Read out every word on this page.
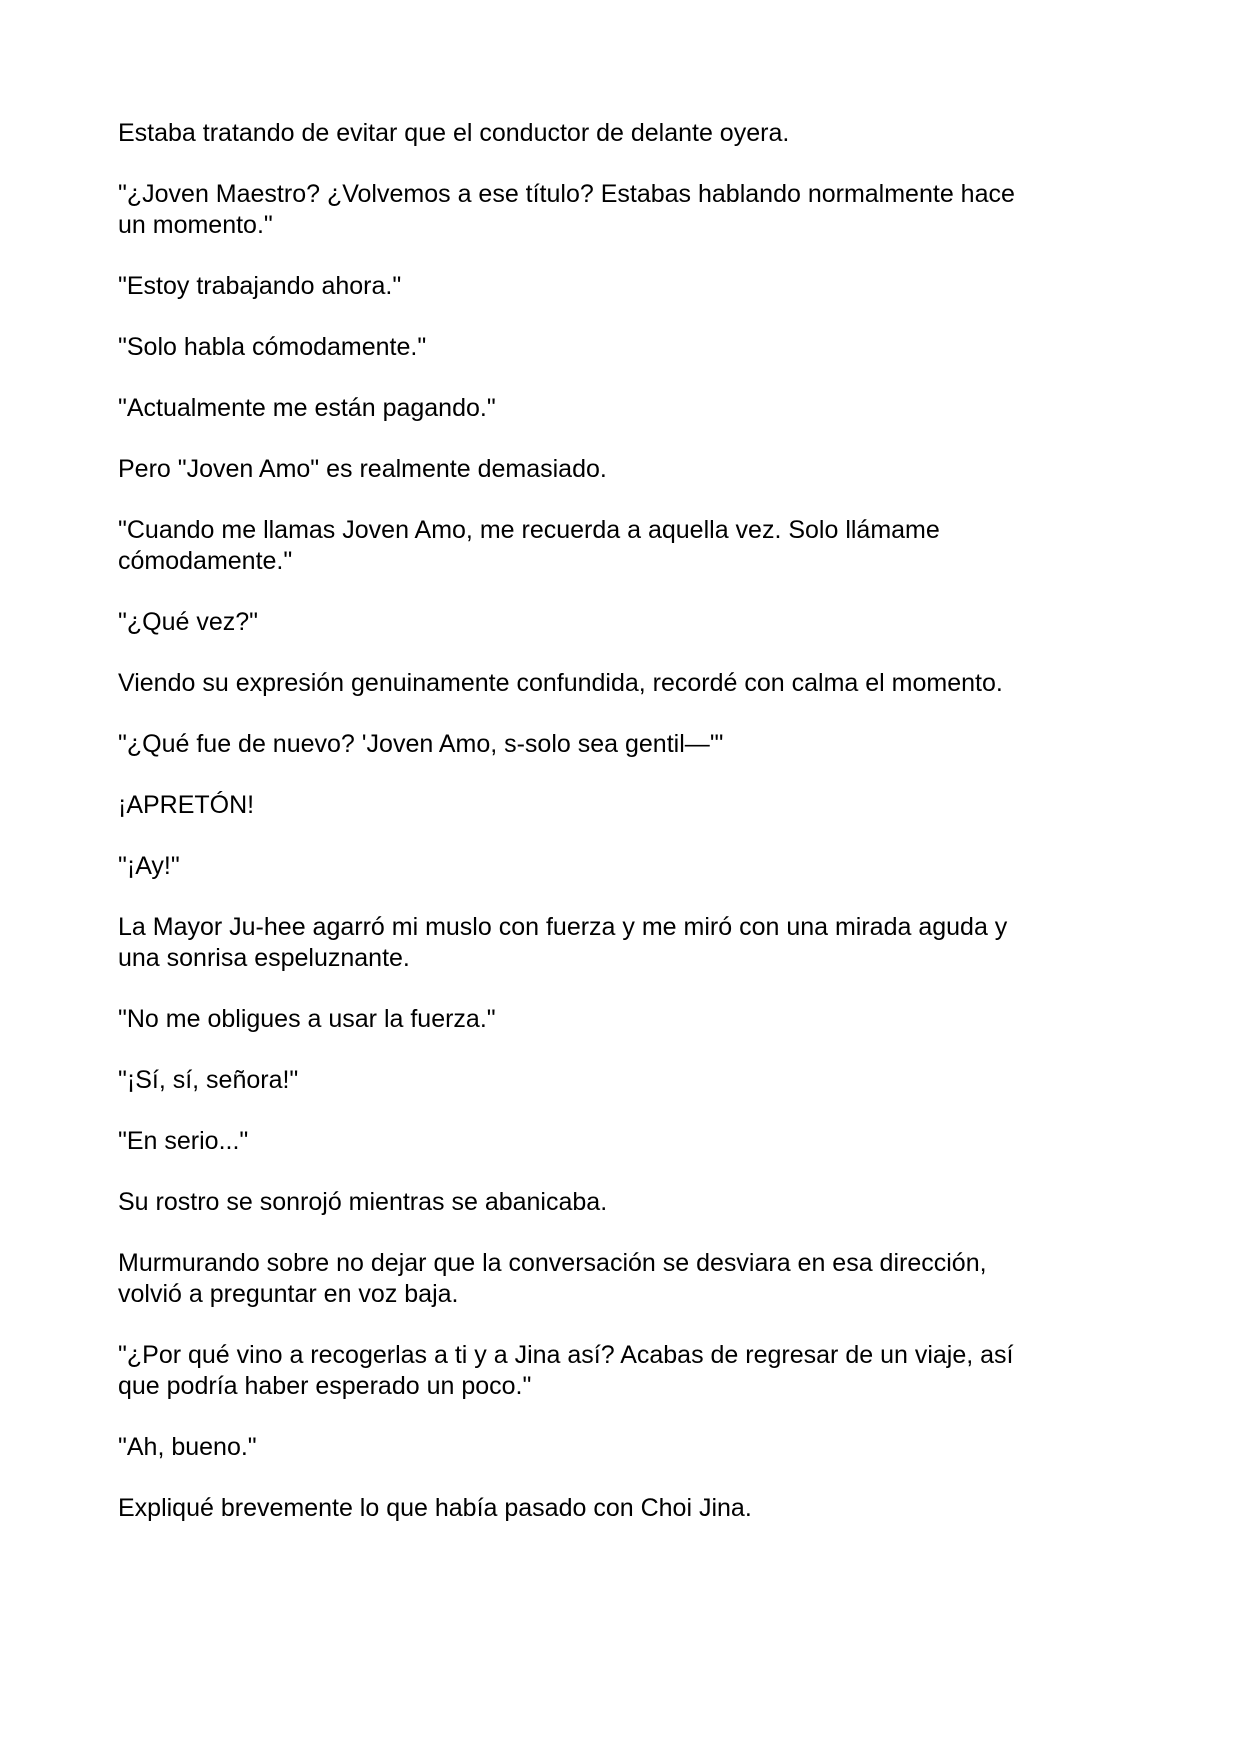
Estaba tratando de evitar que el conductor de delante oyera.

"¿Joven Maestro? ¿Volvemos a ese título? Estabas hablando normalmente hace
un momento."

"Estoy trabajando ahora."

"Solo habla cómodamente."

"Actualmente me están pagando."

Pero "Joven Amo" es realmente demasiado.

"Cuando me llamas Joven Amo, me recuerda a aquella vez. Solo llámame
cómodamente."

"¿Qué vez?"

Viendo su expresión genuinamente confundida, recordé con calma el momento.

"¿Qué fue de nuevo? 'Joven Amo, s-solo sea gentil—'"

¡APRETÓN!

"¡Ay!"

La Mayor Ju-hee agarró mi muslo con fuerza y me miró con una mirada aguda y
una sonrisa espeluznante.

"No me obligues a usar la fuerza."

"¡Sí, sí, señora!"

"En serio..."

Su rostro se sonrojó mientras se abanicaba.

Murmurando sobre no dejar que la conversación se desviara en esa dirección,
volvió a preguntar en voz baja.

"¿Por qué vino a recogerlas a ti y a Jina así? Acabas de regresar de un viaje, así
que podría haber esperado un poco."

"Ah, bueno."

Expliqué brevemente lo que había pasado con Choi Jina.
